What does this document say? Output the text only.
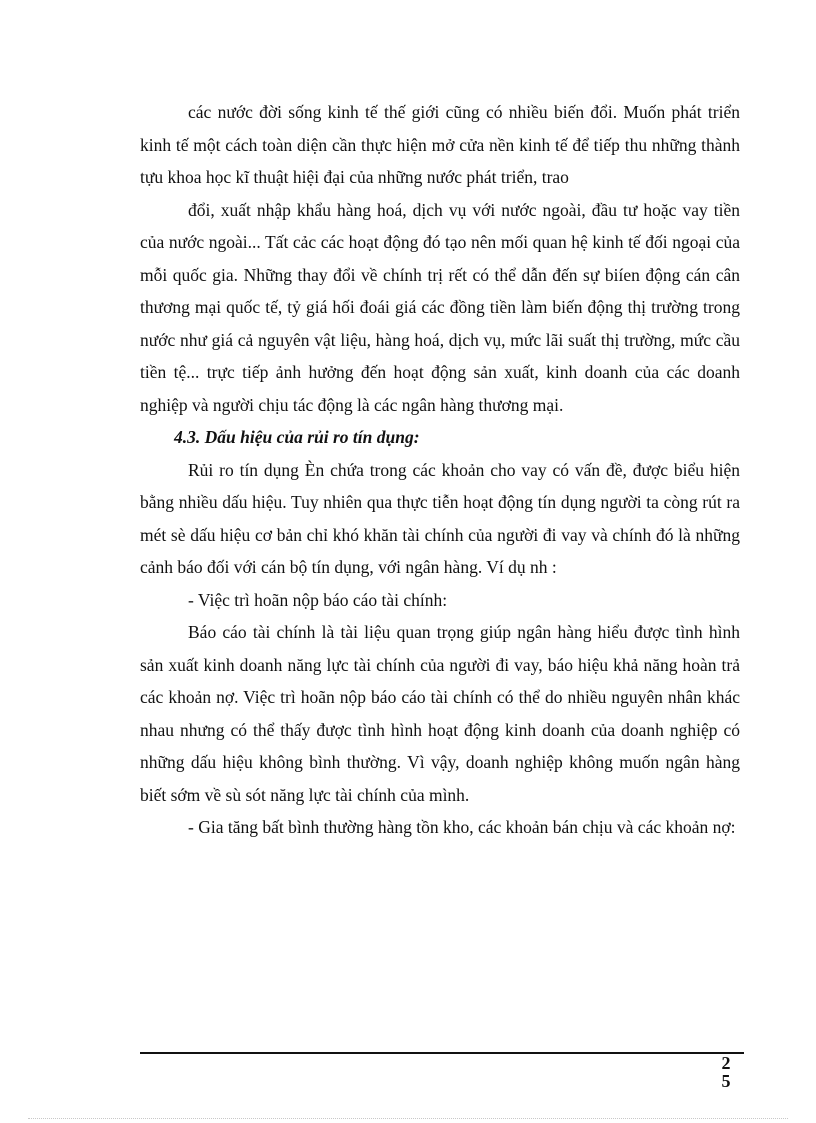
các nước đời sống kinh tế thế giới cũng có nhiều biến đổi. Muốn phát triển kinh tế một cách toàn diện cần thực hiện mở cửa nền kinh tế để tiếp thu những thành tựu khoa học kĩ thuật hiệi đại của những nước phát triển, trao

đổi, xuất nhập khẩu hàng hoá, dịch vụ với nước ngoài, đầu tư hoặc vay tiền của nước ngoài... Tất cảc các hoạt động đó tạo nên mối quan hệ kinh tế đối ngoại của mỗi quốc gia. Những thay đổi về chính trị rết có thể dẫn đến sự biíen động cán cân thương mại quốc tế, tỷ giá hối đoái giá các đồng tiền làm biến động thị trường trong nước như giá cả nguyên vật liệu, hàng hoá, dịch vụ, mức lãi suất thị trường, mức cầu tiền tệ... trực tiếp ảnh hưởng đến hoạt động sản xuất, kinh doanh của các doanh nghiệp và người chịu tác động là các ngân hàng thương mại.

4.3. Dấu hiệu của rủi ro tín dụng:

Rủi ro tín dụng Èn chứa trong các khoản cho vay có vấn đề, được biểu hiện bằng nhiều dấu hiệu. Tuy nhiên qua thực tiễn hoạt động tín dụng người ta còng rút ra mét sè dấu hiệu cơ bản chỉ khó khăn tài chính của người đi vay và chính đó là những cảnh báo đối với cán bộ tín dụng, với ngân hàng. Ví dụ nh :

- Việc trì hoãn nộp báo cáo tài chính:

Báo cáo tài chính là tài liệu quan trọng giúp ngân hàng hiểu được tình hình sản xuất kinh doanh năng lực tài chính của người đi vay, báo hiệu khả năng hoàn trả các khoản nợ. Việc trì hoãn nộp báo cáo tài chính có thể do nhiều nguyên nhân khác nhau nhưng có thể thấy được tình hình hoạt động kinh doanh của doanh nghiệp có những dấu hiệu không bình thường. Vì vậy, doanh nghiệp không muốn ngân hàng biết sớm về sù sót năng lực tài chính của mình.

- Gia tăng bất bình thường hàng tồn kho, các khoản bán chịu và các khoản nợ:

2
5
